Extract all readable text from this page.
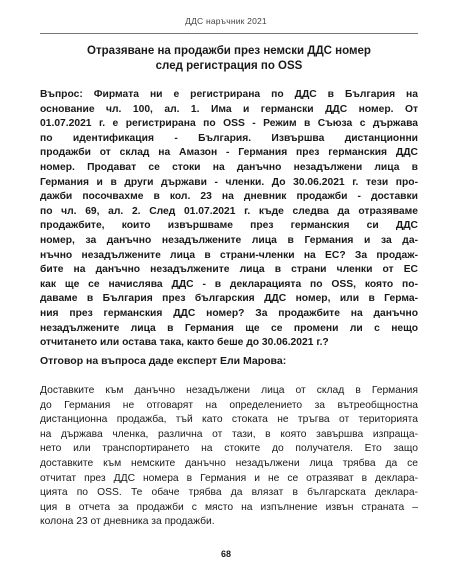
ДДС наръчник 2021
Отразяване на продажби през немски ДДС номер
след регистрация по OSS
Въпрос: Фирмата ни е регистрирана по ДДС в България на
основание чл. 100, ал. 1. Има и германски ДДС номер. От
01.07.2021 г. е регистрирана по OSS - Режим в Съюза с държава
по идентификация - България. Извършва дистанционни
продажби от склад на Амазон - Германия през германския ДДС
номер. Продават се стоки на данъчно незадължени лица в
Германия и в други държави - членки. До 30.06.2021 г. тези про-
дажби посочвахме в кол. 23 на дневник продажби - доставки
по чл. 69, ал. 2. След 01.07.2021 г. къде следва да отразяваме
продажбите, които извършваме през германския си ДДС
номер, за данъчно незадължените лица в Германия и за да-
нъчно незадължените лица в страни-членки на ЕС? За продаж-
бите на данъчно незадължените лица в страни членки от ЕС
как ще се начислява ДДС - в декларацията по OSS, която по-
даваме в България през българския ДДС номер, или в Герма-
ния през германския ДДС номер? За продажбите на данъчно
незадължените лица в Германия ще се промени ли с нещо
отчитането или остава така, както беше до 30.06.2021 г.?
Отговор на въпроса даде експерт Ели Марова:
Доставките към данъчно незадължени лица от склад в Германия
до Германия не отговарят на определението за вътреобщностна
дистанционна продажба, тъй като стоката не тръгва от територията
на държава членка, различна от тази, в която завършва изпраща-
нето или транспортирането на стоките до получателя. Ето защо
доставките към немските данъчно незадължени лица трябва да се
отчитат през ДДС номера в Германия и не се отразяват в деклара-
цията по OSS. Те обаче трябва да влязат в българската деклара-
ция в отчета за продажби с място на изпълнение извън страната –
колона 23 от дневника за продажби.
68
